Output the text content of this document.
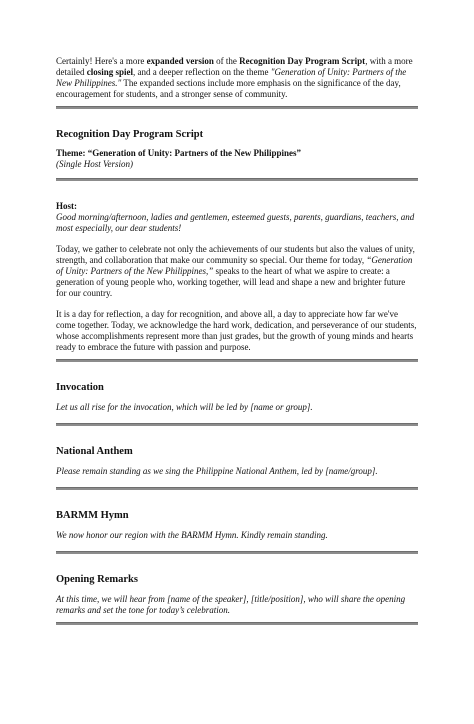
Certainly! Here's a more expanded version of the Recognition Day Program Script, with a more detailed closing spiel, and a deeper reflection on the theme "Generation of Unity: Partners of the New Philippines." The expanded sections include more emphasis on the significance of the day, encouragement for students, and a stronger sense of community.

Recognition Day Program Script

Theme: “Generation of Unity: Partners of the New Philippines”

(Single Host Version)

Host:

Good morning/afternoon, ladies and gentlemen, esteemed guests, parents, guardians, teachers, and most especially, our dear students!

Today, we gather to celebrate not only the achievements of our students but also the values of unity, strength, and collaboration that make our community so special. Our theme for today, “Generation of Unity: Partners of the New Philippines,” speaks to the heart of what we aspire to create: a generation of young people who, working together, will lead and shape a new and brighter future for our country.

It is a day for reflection, a day for recognition, and above all, a day to appreciate how far we've come together. Today, we acknowledge the hard work, dedication, and perseverance of our students, whose accomplishments represent more than just grades, but the growth of young minds and hearts ready to embrace the future with passion and purpose.

Invocation

Let us all rise for the invocation, which will be led by [name or group].

National Anthem

Please remain standing as we sing the Philippine National Anthem, led by [name/group].

BARMM Hymn

We now honor our region with the BARMM Hymn. Kindly remain standing.

Opening Remarks

At this time, we will hear from [name of the speaker], [title/position], who will share the opening remarks and set the tone for today’s celebration.
